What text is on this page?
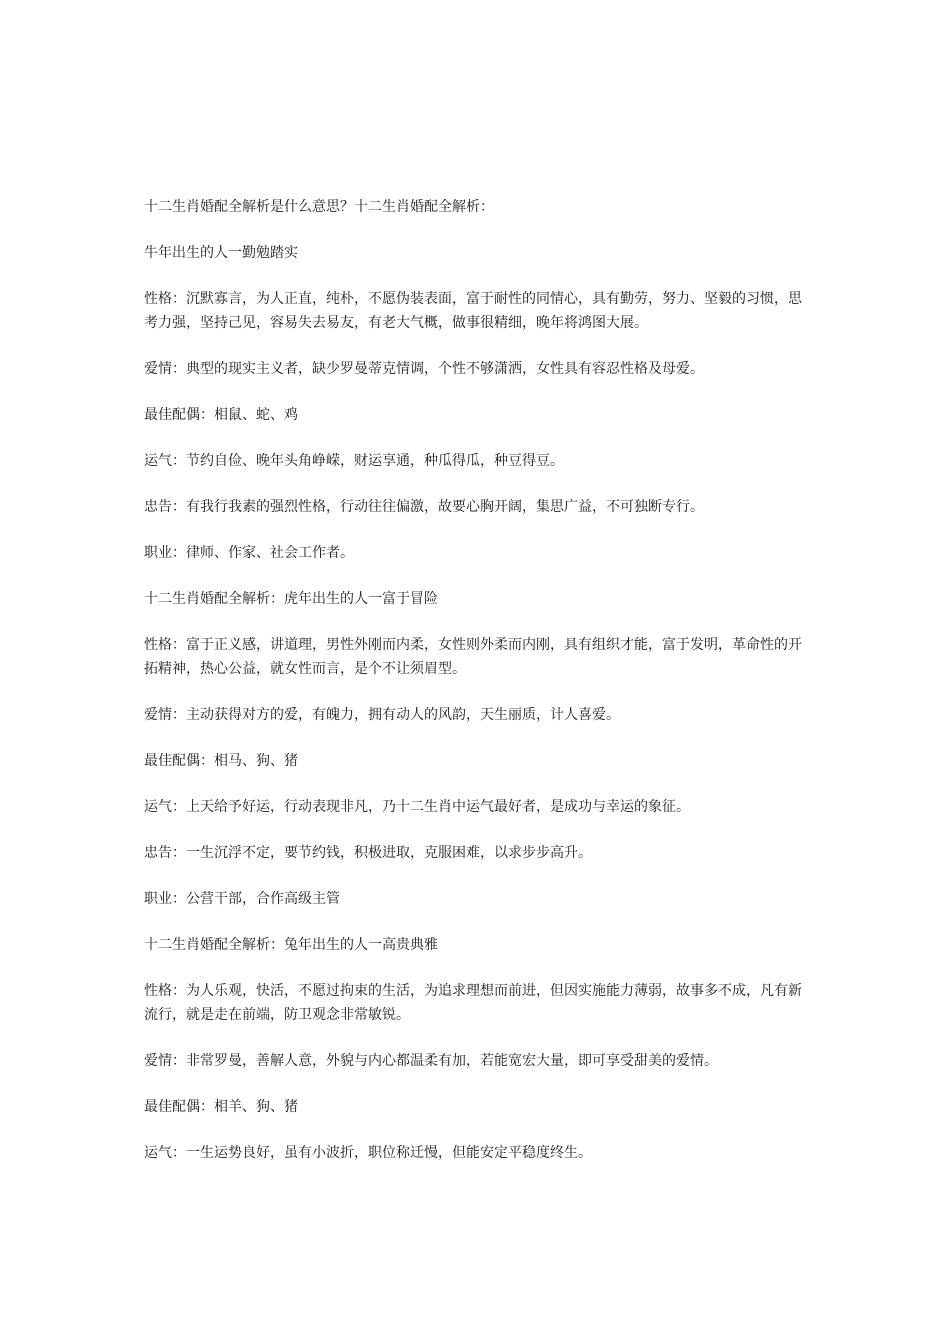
十二生肖婚配全解析是什么意思？十二生肖婚配全解析：

牛年出生的人一勤勉踏实

性格：沉默寡言，为人正直，纯朴，不愿伪装表面，富于耐性的同情心，具有勤劳，努力、坚毅的习惯，思考力强，坚持己见，容易失去易友，有老大气概，做事很精细，晚年将鸿图大展。

爱情：典型的现实主义者，缺少罗曼蒂克情调，个性不够潇洒，女性具有容忍性格及母爱。

最佳配偶：相鼠、蛇、鸡

运气：节约自俭、晚年头角峥嵘，财运享通，种瓜得瓜，种豆得豆。

忠告：有我行我素的强烈性格，行动往往偏激，故要心胸开阔，集思广益，不可独断专行。

职业：律师、作家、社会工作者。

十二生肖婚配全解析：虎年出生的人一富于冒险

性格：富于正义感，讲道理，男性外刚而内柔，女性则外柔而内刚，具有组织才能，富于发明，革命性的开拓精神，热心公益，就女性而言，是个不让须眉型。

爱情：主动获得对方的爱，有魄力，拥有动人的风韵，天生丽质，计人喜爱。

最佳配偶：相马、狗、猪

运气：上天给予好运，行动表现非凡，乃十二生肖中运气最好者，是成功与幸运的象征。

忠告：一生沉浮不定，要节约钱，积极进取，克服困难，以求步步高升。

职业：公营干部，合作高级主管

十二生肖婚配全解析：兔年出生的人一高贵典雅

性格：为人乐观，快活，不愿过拘束的生活，为追求理想而前进，但因实施能力薄弱，故事多不成，凡有新流行，就是走在前端，防卫观念非常敏锐。

爱情：非常罗曼，善解人意，外貌与内心都温柔有加，若能宽宏大量，即可享受甜美的爱情。

最佳配偶：相羊、狗、猪

运气：一生运势良好，虽有小波折，职位称迁慢，但能安定平稳度终生。
